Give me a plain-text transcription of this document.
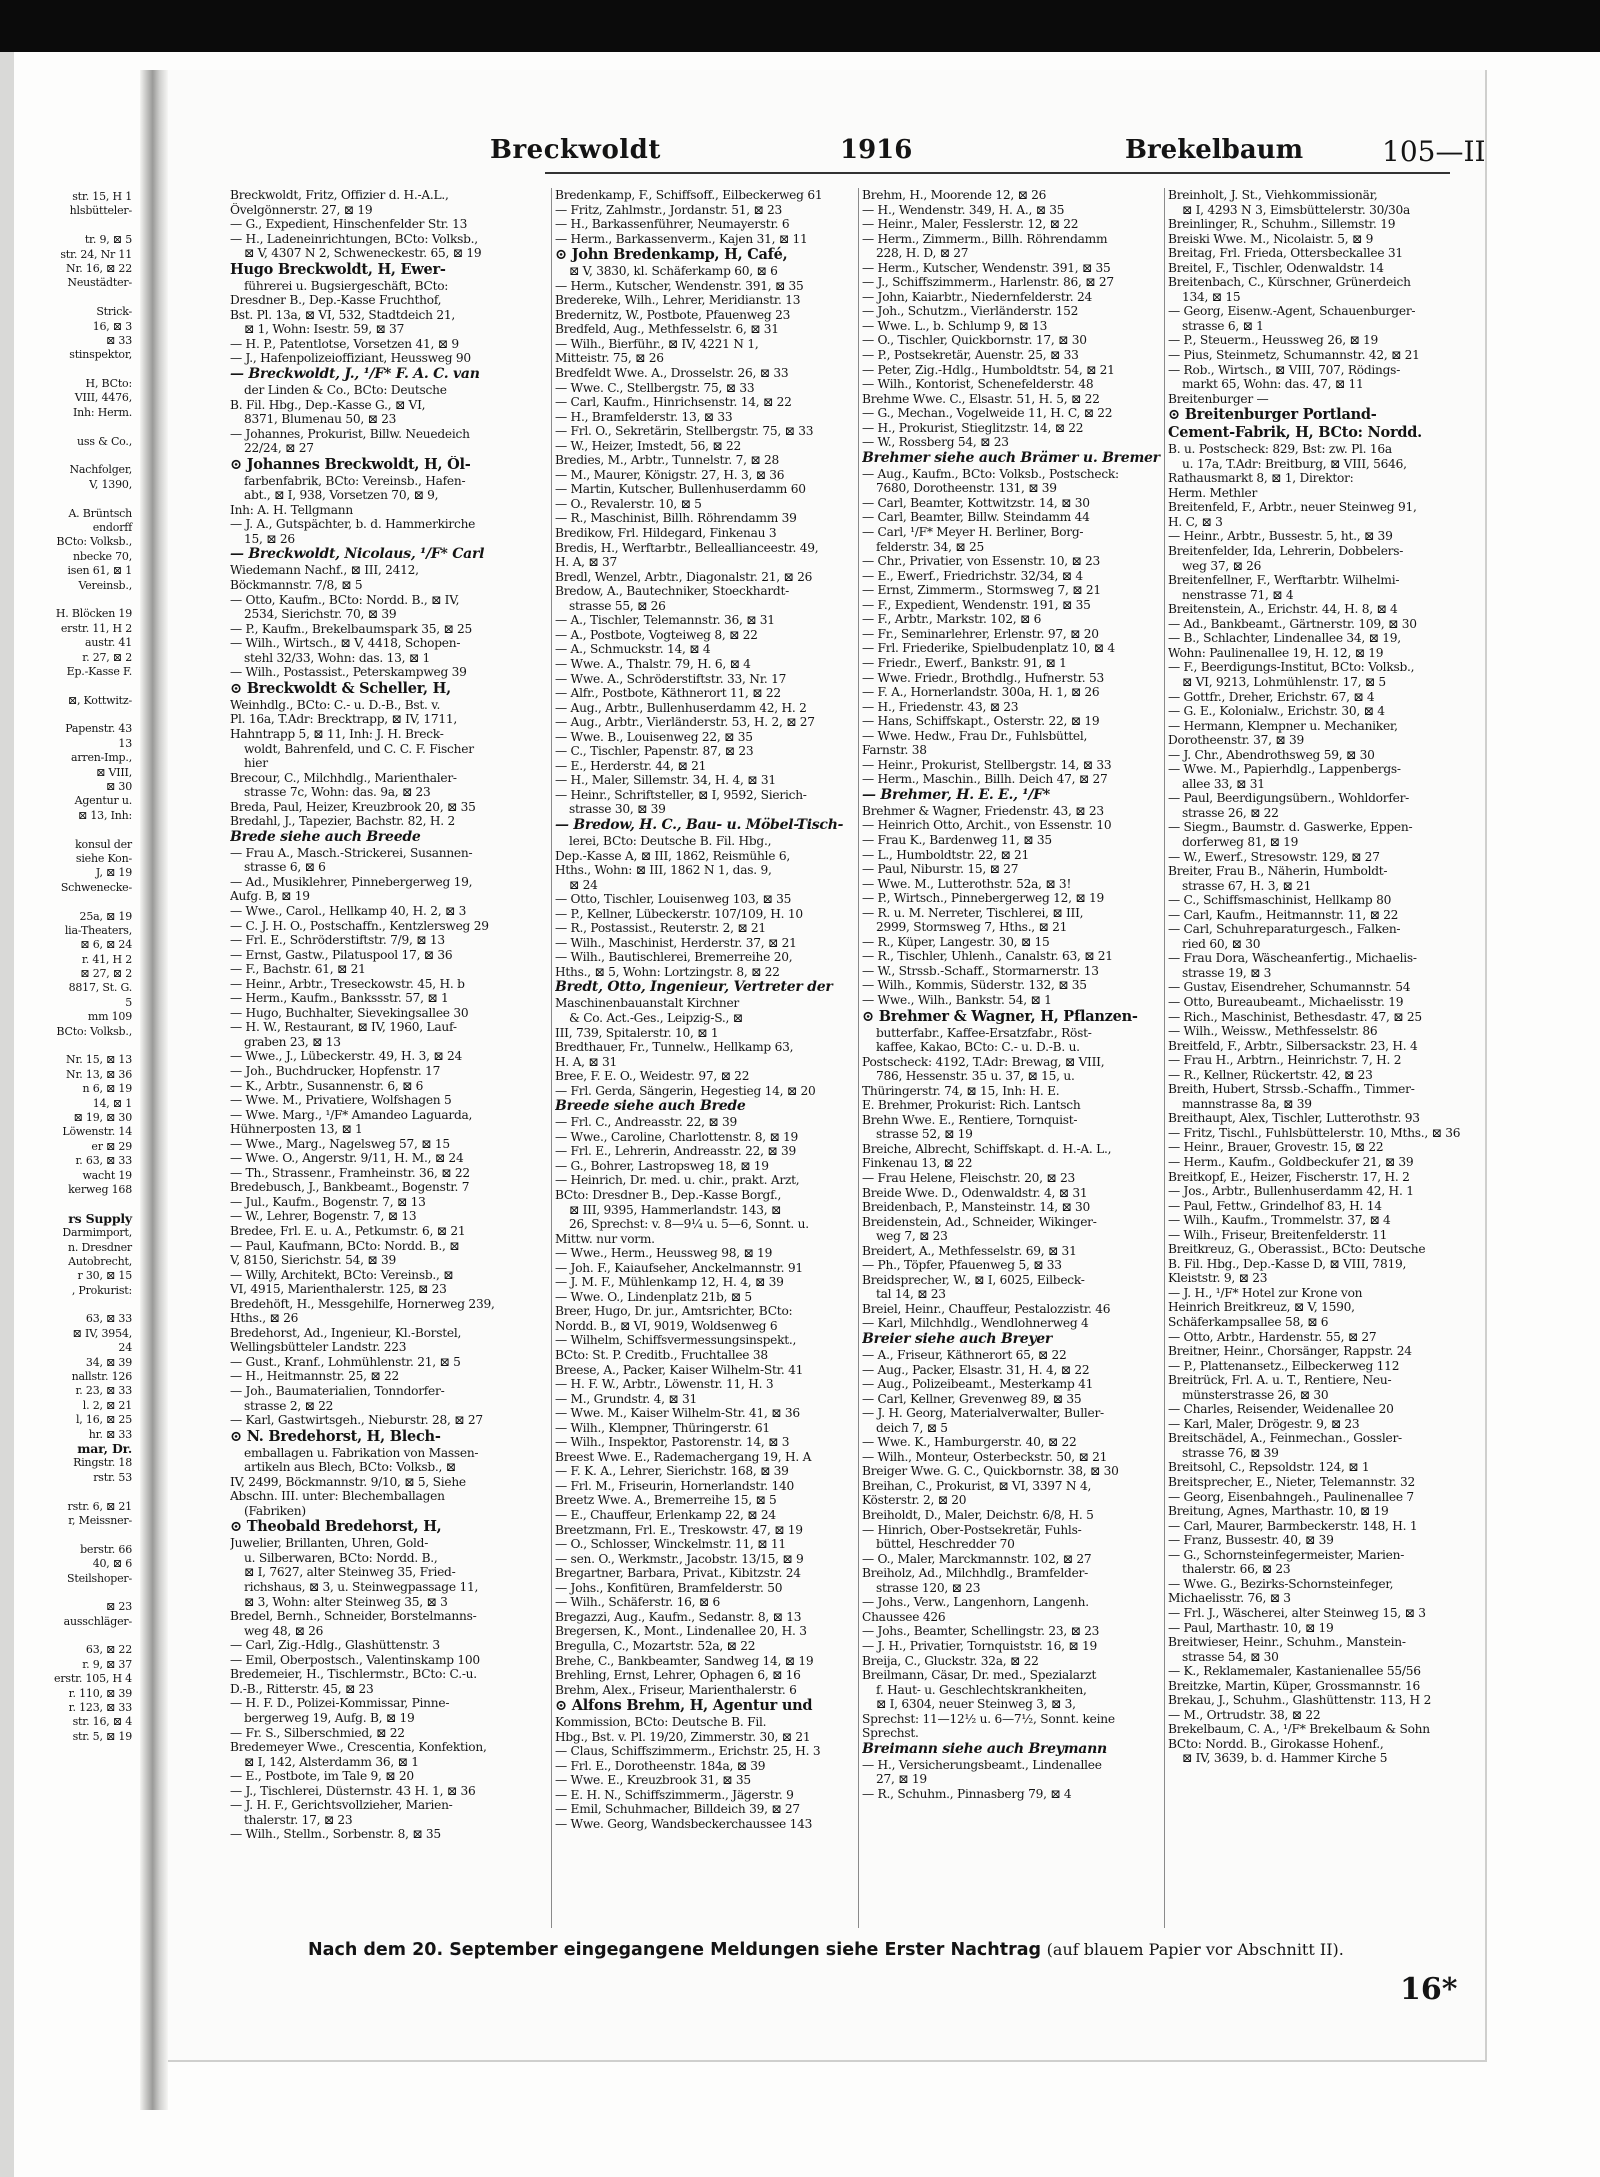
str. 15, H 1
hlsbütteler-
tr. 9, ⊠ 5
str. 24, Nr 11
Nr. 16, ⊠ 22
Neustädter-
Strick-
16, ⊠ 3
⊠ 33
stinspektor,
H, BCto:
VIII, 4476,
Inh: Herm.
uss & Co.,
Nachfolger,
V, 1390,
A. Brüntsch
endorff
BCto: Volksb.,
nbecke 70,
isen 61, ⊠ 1
Vereinsb.,
H. Blöcken 19
erstr. 11, H 2
austr. 41
r. 27, ⊠ 2
Ep.-Kasse F.
⊠, Kottwitz-
Papenstr. 43
13
arren-Imp.,
⊠ VIII,
⊠ 30
Agentur u.
⊠ 13, Inh:
konsul der
siehe Kon-
J, ⊠ 19
Schwenecke-
25a, ⊠ 19
lia-Theaters,
⊠ 6, ⊠ 24
r. 41, H 2
⊠ 27, ⊠ 2
8817, St. G.
5
mm 109
BCto: Volksb.,
Nr. 15, ⊠ 13
Nr. 13, ⊠ 36
n 6, ⊠ 19
14, ⊠ 1
⊠ 19, ⊠ 30
Löwenstr. 14
er ⊠ 29
r. 63, ⊠ 33
wacht 19
kerweg 168
rs Supply
Darmimport,
n. Dresdner
Autobrecht,
r 30, ⊠ 15
, Prokurist:
63, ⊠ 33
⊠ IV, 3954,
24
34, ⊠ 39
nallstr. 126
r. 23, ⊠ 33
l. 2, ⊠ 21
l, 16, ⊠ 25
hr. ⊠ 33
mar, Dr.
Ringstr. 18
rstr. 53
rstr. 6, ⊠ 21
r, Meissner-
berstr. 66
40, ⊠ 6
Steilshoper-
⊠ 23
ausschläger-
63, ⊠ 22
r. 9, ⊠ 37
erstr. 105, H 4
r. 110, ⊠ 39
r. 123, ⊠ 33
str. 16, ⊠ 4
str. 5, ⊠ 19
Breckwoldt	1916	Brekelbaum	105—II
Breckwoldt, Fritz, Offizier d. H.-A.L.,
Övelgönnerstr. 27, ⊠ 19
— G., Expedient, Hinschenfelder Str. 13
— H., Ladeneinrichtungen, BCto: Volksb.,
⊠ V, 4307 N 2, Schweneckestr. 65, ⊠ 19
Hugo Breckwoldt, H, Ewer-
führerei u. Bugsiergeschäft, BCto:
Dresdner B., Dep.-Kasse Fruchthof,
Bst. Pl. 13a, ⊠ VI, 532, Stadtdeich 21,
⊠ 1, Wohn: Isestr. 59, ⊠ 37
— H. P., Patentlotse, Vorsetzen 41, ⊠ 9
— J., Hafenpolizeioffiziant, Heussweg 90
— Breckwoldt, J., ¹/F* F. A. C. van
der Linden & Co., BCto: Deutsche
B. Fil. Hbg., Dep.-Kasse G., ⊠ VI,
8371, Blumenau 50, ⊠ 23
— Johannes, Prokurist, Billw. Neuedeich
22/24, ⊠ 27
⊙ Johannes Breckwoldt, H, Öl-
farbenfabrik, BCto: Vereinsb., Hafen-
abt., ⊠ I, 938, Vorsetzen 70, ⊠ 9,
Inh: A. H. Tellgmann
— J. A., Gutspächter, b. d. Hammerkirche
15, ⊠ 26
— Breckwoldt, Nicolaus, ¹/F* Carl
Wiedemann Nachf., ⊠ III, 2412,
Böckmannstr. 7/8, ⊠ 5
— Otto, Kaufm., BCto: Nordd. B., ⊠ IV,
2534, Sierichstr. 70, ⊠ 39
— P., Kaufm., Brekelbaumspark 35, ⊠ 25
— Wilh., Wirtsch., ⊠ V, 4418, Schopen-
stehl 32/33, Wohn: das. 13, ⊠ 1
— Wilh., Postassist., Peterskampweg 39
⊙ Breckwoldt & Scheller, H,
Weinhdlg., BCto: C.- u. D.-B., Bst. v.
Pl. 16a, T.Adr: Brecktrapp, ⊠ IV, 1711,
Hahntrapp 5, ⊠ 11, Inh: J. H. Breck-
woldt, Bahrenfeld, und C. C. F. Fischer
hier
Brecour, C., Milchhdlg., Marienthaler-
strasse 7c, Wohn: das. 9a, ⊠ 23
Breda, Paul, Heizer, Kreuzbrook 20, ⊠ 35
Bredahl, J., Tapezier, Bachstr. 82, H. 2
Brede siehe auch Breede
— Frau A., Masch.-Strickerei, Susannen-
strasse 6, ⊠ 6
— Ad., Musiklehrer, Pinnebergerweg 19,
Aufg. B, ⊠ 19
— Wwe., Carol., Hellkamp 40, H. 2, ⊠ 3
— C. J. H. O., Postschaffn., Kentzlersweg 29
— Frl. E., Schröderstiftstr. 7/9, ⊠ 13
— Ernst, Gastw., Pilatuspool 17, ⊠ 36
— F., Bachstr. 61, ⊠ 21
— Heinr., Arbtr., Treseckowstr. 45, H. b
— Herm., Kaufm., Bankssstr. 57, ⊠ 1
— Hugo, Buchhalter, Sievekingsallee 30
— H. W., Restaurant, ⊠ IV, 1960, Lauf-
graben 23, ⊠ 13
— Wwe., J., Lübeckerstr. 49, H. 3, ⊠ 24
— Joh., Buchdrucker, Hopfenstr. 17
— K., Arbtr., Susannenstr. 6, ⊠ 6
— Wwe. M., Privatiere, Wolfshagen 5
— Wwe. Marg., ¹/F* Amandeo Laguarda,
Hühnerposten 13, ⊠ 1
— Wwe., Marg., Nagelsweg 57, ⊠ 15
— Wwe. O., Angerstr. 9/11, H. M., ⊠ 24
— Th., Strassenr., Framheinstr. 36, ⊠ 22
Bredebusch, J., Bankbeamt., Bogenstr. 7
— Jul., Kaufm., Bogenstr. 7, ⊠ 13
— W., Lehrer, Bogenstr. 7, ⊠ 13
Bredee, Frl. E. u. A., Petkumstr. 6, ⊠ 21
— Paul, Kaufmann, BCto: Nordd. B., ⊠
V, 8150, Sierichstr. 54, ⊠ 39
— Willy, Architekt, BCto: Vereinsb., ⊠
VI, 4915, Marienthalerstr. 125, ⊠ 23
Bredehöft, H., Messgehilfe, Hornerweg 239,
Hths., ⊠ 26
Bredehorst, Ad., Ingenieur, Kl.-Borstel,
Wellingsbütteler Landstr. 223
— Gust., Kranf., Lohmühlenstr. 21, ⊠ 5
— H., Heitmannstr. 25, ⊠ 22
— Joh., Baumaterialien, Tonndorfer-
strasse 2, ⊠ 22
— Karl, Gastwirtsgeh., Nieburstr. 28, ⊠ 27
⊙ N. Bredehorst, H, Blech-
emballagen u. Fabrikation von Massen-
artikeln aus Blech, BCto: Volksb., ⊠
IV, 2499, Böckmannstr. 9/10, ⊠ 5, Siehe
Abschn. III. unter: Blechemballagen
(Fabriken)
⊙ Theobald Bredehorst, H,
Juwelier, Brillanten, Uhren, Gold-
u. Silberwaren, BCto: Nordd. B.,
⊠ I, 7627, alter Steinweg 35, Fried-
richshaus, ⊠ 3, u. Steinwegpassage 11,
⊠ 3, Wohn: alter Steinweg 35, ⊠ 3
Bredel, Bernh., Schneider, Borstelmanns-
weg 48, ⊠ 26
— Carl, Zig.-Hdlg., Glashüttenstr. 3
— Emil, Oberpostsch., Valentinskamp 100
Bredemeier, H., Tischlermstr., BCto: C.-u.
D.-B., Ritterstr. 45, ⊠ 23
— H. F. D., Polizei-Kommissar, Pinne-
bergerweg 19, Aufg. B, ⊠ 19
— Fr. S., Silberschmied, ⊠ 22
Bredemeyer Wwe., Crescentia, Konfektion,
⊠ I, 142, Alsterdamm 36, ⊠ 1
— E., Postbote, im Tale 9, ⊠ 20
— J., Tischlerei, Düsternstr. 43 H. 1, ⊠ 36
— J. H. F., Gerichtsvollzieher, Marien-
thalerstr. 17, ⊠ 23
— Wilh., Stellm., Sorbenstr. 8, ⊠ 35
Bredenkamp, F., Schiffsoff., Eilbeckerweg 61
— Fritz, Zahlmstr., Jordanstr. 51, ⊠ 23
— H., Barkassenführer, Neumayerstr. 6
— Herm., Barkassenverm., Kajen 31, ⊠ 11
⊙ John Bredenkamp, H, Café,
⊠ V, 3830, kl. Schäferkamp 60, ⊠ 6
— Herm., Kutscher, Wendenstr. 391, ⊠ 35
Bredereke, Wilh., Lehrer, Meridianstr. 13
Bredernitz, W., Postbote, Pfauenweg 23
Bredfeld, Aug., Methfesselstr. 6, ⊠ 31
— Wilh., Bierführ., ⊠ IV, 4221 N 1,
Mitteistr. 75, ⊠ 26
Bredfeldt Wwe. A., Drosselstr. 26, ⊠ 33
— Wwe. C., Stellbergstr. 75, ⊠ 33
— Carl, Kaufm., Hinrichsenstr. 14, ⊠ 22
— H., Bramfelderstr. 13, ⊠ 33
— Frl. O., Sekretärin, Stellbergstr. 75, ⊠ 33
— W., Heizer, Imstedt, 56, ⊠ 22
Bredies, M., Arbtr., Tunnelstr. 7, ⊠ 28
— M., Maurer, Königstr. 27, H. 3, ⊠ 36
— Martin, Kutscher, Bullenhuserdamm 60
— O., Revalerstr. 10, ⊠ 5
— R., Maschinist, Billh. Röhrendamm 39
Bredikow, Frl. Hildegard, Finkenau 3
Bredis, H., Werftarbtr., Belleallianceestr. 49,
H. A, ⊠ 37
Bredl, Wenzel, Arbtr., Diagonalstr. 21, ⊠ 26
Bredow, A., Bautechniker, Stoeckhardt-
strasse 55, ⊠ 26
— A., Tischler, Telemannstr. 36, ⊠ 31
— A., Postbote, Vogteiweg 8, ⊠ 22
— A., Schmuckstr. 14, ⊠ 4
— Wwe. A., Thalstr. 79, H. 6, ⊠ 4
— Wwe. A., Schröderstiftstr. 33, Nr. 17
— Alfr., Postbote, Käthnerort 11, ⊠ 22
— Aug., Arbtr., Bullenhuserdamm 42, H. 2
— Aug., Arbtr., Vierländerstr. 53, H. 2, ⊠ 27
— Wwe. B., Louisenweg 22, ⊠ 35
— C., Tischler, Papenstr. 87, ⊠ 23
— E., Herderstr. 44, ⊠ 21
— H., Maler, Sillemstr. 34, H. 4, ⊠ 31
— Heinr., Schriftsteller, ⊠ I, 9592, Sierich-
strasse 30, ⊠ 39
— Bredow, H. C., Bau- u. Möbel-Tisch-
lerei, BCto: Deutsche B. Fil. Hbg.,
Dep.-Kasse A, ⊠ III, 1862, Reismühle 6,
Hths., Wohn: ⊠ III, 1862 N 1, das. 9,
⊠ 24
— Otto, Tischler, Louisenweg 103, ⊠ 35
— P., Kellner, Lübeckerstr. 107/109, H. 10
— R., Postassist., Reuterstr. 2, ⊠ 21
— Wilh., Maschinist, Herderstr. 37, ⊠ 21
— Wilh., Bautischlerei, Bremerreihe 20,
Hths., ⊠ 5, Wohn: Lortzingstr. 8, ⊠ 22
Bredt, Otto, Ingenieur, Vertreter der
Maschinenbauanstalt Kirchner
& Co. Act.-Ges., Leipzig-S., ⊠
III, 739, Spitalerstr. 10, ⊠ 1
Bredthauer, Fr., Tunnelw., Hellkamp 63,
H. A, ⊠ 31
Bree, F. E. O., Weidestr. 97, ⊠ 22
— Frl. Gerda, Sängerin, Hegestieg 14, ⊠ 20
Breede siehe auch Brede
— Frl. C., Andreasstr. 22, ⊠ 39
— Wwe., Caroline, Charlottenstr. 8, ⊠ 19
— Frl. E., Lehrerin, Andreasstr. 22, ⊠ 39
— G., Bohrer, Lastropsweg 18, ⊠ 19
— Heinrich, Dr. med. u. chir., prakt. Arzt,
BCto: Dresdner B., Dep.-Kasse Borgf.,
⊠ III, 9395, Hammerlandstr. 143, ⊠
26, Sprechst: v. 8—9¼ u. 5—6, Sonnt. u.
Mittw. nur vorm.
— Wwe., Herm., Heussweg 98, ⊠ 19
— Joh. F., Kaiaufseher, Anckelmannstr. 91
— J. M. F., Mühlenkamp 12, H. 4, ⊠ 39
— Wwe. O., Lindenplatz 21b, ⊠ 5
Breer, Hugo, Dr. jur., Amtsrichter, BCto:
Nordd. B., ⊠ VI, 9019, Woldsenweg 6
— Wilhelm, Schiffsvermessungsinspekt.,
BCto: St. P. Creditb., Fruchtallee 38
Breese, A., Packer, Kaiser Wilhelm-Str. 41
— H. F. W., Arbtr., Löwenstr. 11, H. 3
— M., Grundstr. 4, ⊠ 31
— Wwe. M., Kaiser Wilhelm-Str. 41, ⊠ 36
— Wilh., Klempner, Thüringerstr. 61
— Wilh., Inspektor, Pastorenstr. 14, ⊠ 3
Breest Wwe. E., Rademachergang 19, H. A
— F. K. A., Lehrer, Sierichstr. 168, ⊠ 39
— Frl. M., Friseurin, Hornerlandstr. 140
Breetz Wwe. A., Bremerreihe 15, ⊠ 5
— E., Chauffeur, Erlenkamp 22, ⊠ 24
Breetzmann, Frl. E., Treskowstr. 47, ⊠ 19
— O., Schlosser, Winckelmstr. 11, ⊠ 11
— sen. O., Werkmstr., Jacobstr. 13/15, ⊠ 9
Bregartner, Barbara, Privat., Kibitzstr. 24
— Johs., Konfitüren, Bramfelderstr. 50
— Wilh., Schäferstr. 16, ⊠ 6
Bregazzi, Aug., Kaufm., Sedanstr. 8, ⊠ 13
Bregersen, K., Mont., Lindenallee 20, H. 3
Bregulla, C., Mozartstr. 52a, ⊠ 22
Brehe, C., Bankbeamter, Sandweg 14, ⊠ 19
Brehling, Ernst, Lehrer, Ophagen 6, ⊠ 16
Brehm, Alex., Friseur, Marienthalerstr. 6
⊙ Alfons Brehm, H, Agentur und
Kommission, BCto: Deutsche B. Fil.
Hbg., Bst. v. Pl. 19/20, Zimmerstr. 30, ⊠ 21
— Claus, Schiffszimmerm., Erichstr. 25, H. 3
— Frl. E., Dorotheenstr. 184a, ⊠ 39
— Wwe. E., Kreuzbrook 31, ⊠ 35
— E. H. N., Schiffszimmerm., Jägerstr. 9
— Emil, Schuhmacher, Billdeich 39, ⊠ 27
— Wwe. Georg, Wandsbeckerchaussee 143
Brehm, H., Moorende 12, ⊠ 26
— H., Wendenstr. 349, H. A., ⊠ 35
— Heinr., Maler, Fesslerstr. 12, ⊠ 22
— Herm., Zimmerm., Billh. Röhrendamm
228, H. D, ⊠ 27
— Herm., Kutscher, Wendenstr. 391, ⊠ 35
— J., Schiffszimmerm., Harlenstr. 86, ⊠ 27
— John, Kaiarbtr., Niedernfelderstr. 24
— Joh., Schutzm., Vierländerstr. 152
— Wwe. L., b. Schlump 9, ⊠ 13
— O., Tischler, Quickbornstr. 17, ⊠ 30
— P., Postsekretär, Auenstr. 25, ⊠ 33
— Peter, Zig.-Hdlg., Humboldtstr. 54, ⊠ 21
— Wilh., Kontorist, Schenefelderstr. 48
Brehme Wwe. C., Elsastr. 51, H. 5, ⊠ 22
— G., Mechan., Vogelweide 11, H. C, ⊠ 22
— H., Prokurist, Stieglitzstr. 14, ⊠ 22
— W., Rossberg 54, ⊠ 23
Brehmer siehe auch Brämer u. Bremer
— Aug., Kaufm., BCto: Volksb., Postscheck:
7680, Dorotheenstr. 131, ⊠ 39
— Carl, Beamter, Kottwitzstr. 14, ⊠ 30
— Carl, Beamter, Billw. Steindamm 44
— Carl, ¹/F* Meyer H. Berliner, Borg-
felderstr. 34, ⊠ 25
— Chr., Privatier, von Essenstr. 10, ⊠ 23
— E., Ewerf., Friedrichstr. 32/34, ⊠ 4
— Ernst, Zimmerm., Stormsweg 7, ⊠ 21
— F., Expedient, Wendenstr. 191, ⊠ 35
— F., Arbtr., Markstr. 102, ⊠ 6
— Fr., Seminarlehrer, Erlenstr. 97, ⊠ 20
— Frl. Friederike, Spielbudenplatz 10, ⊠ 4
— Friedr., Ewerf., Bankstr. 91, ⊠ 1
— Wwe. Friedr., Brothdlg., Hufnerstr. 53
— F. A., Hornerlandstr. 300a, H. 1, ⊠ 26
— H., Friedenstr. 43, ⊠ 23
— Hans, Schiffskapt., Osterstr. 22, ⊠ 19
— Wwe. Hedw., Frau Dr., Fuhlsbüttel,
Farnstr. 38
— Heinr., Prokurist, Stellbergstr. 14, ⊠ 33
— Herm., Maschin., Billh. Deich 47, ⊠ 27
— Brehmer, H. E. E., ¹/F*
Brehmer & Wagner, Friedenstr. 43, ⊠ 23
— Heinrich Otto, Archit., von Essenstr. 10
— Frau K., Bardenweg 11, ⊠ 35
— L., Humboldtstr. 22, ⊠ 21
— Paul, Niburstr. 15, ⊠ 27
— Wwe. M., Lutterothstr. 52a, ⊠ 3!
— P., Wirtsch., Pinnebergerweg 12, ⊠ 19
— R. u. M. Nerreter, Tischlerei, ⊠ III,
2999, Stormsweg 7, Hths., ⊠ 21
— R., Küper, Langestr. 30, ⊠ 15
— R., Tischler, Uhlenh., Canalstr. 63, ⊠ 21
— W., Strssb.-Schaff., Stormarnerstr. 13
— Wilh., Kommis, Süderstr. 132, ⊠ 35
— Wwe., Wilh., Bankstr. 54, ⊠ 1
⊙ Brehmer & Wagner, H, Pflanzen-
butterfabr., Kaffee-Ersatzfabr., Röst-
kaffee, Kakao, BCto: C.- u. D.-B. u.
Postscheck: 4192, T.Adr: Brewag, ⊠ VIII,
786, Hessenstr. 35 u. 37, ⊠ 15, u.
Thüringerstr. 74, ⊠ 15, Inh: H. E.
E. Brehmer, Prokurist: Rich. Lantsch
Brehn Wwe. E., Rentiere, Tornquist-
strasse 52, ⊠ 19
Breiche, Albrecht, Schiffskapt. d. H.-A. L.,
Finkenau 13, ⊠ 22
— Frau Helene, Fleischstr. 20, ⊠ 23
Breide Wwe. D., Odenwaldstr. 4, ⊠ 31
Breidenbach, P., Mansteinstr. 14, ⊠ 30
Breidenstein, Ad., Schneider, Wikinger-
weg 7, ⊠ 23
Breidert, A., Methfesselstr. 69, ⊠ 31
— Ph., Töpfer, Pfauenweg 5, ⊠ 33
Breidsprecher, W., ⊠ I, 6025, Eilbeck-
tal 14, ⊠ 23
Breiel, Heinr., Chauffeur, Pestalozzistr. 46
— Karl, Milchhdlg., Wendlohnerweg 4
Breier siehe auch Breyer
— A., Friseur, Käthnerort 65, ⊠ 22
— Aug., Packer, Elsastr. 31, H. 4, ⊠ 22
— Aug., Polizeibeamt., Mesterkamp 41
— Carl, Kellner, Grevenweg 89, ⊠ 35
— J. H. Georg, Materialverwalter, Buller-
deich 7, ⊠ 5
— Wwe. K., Hamburgerstr. 40, ⊠ 22
— Wilh., Monteur, Osterbeckstr. 50, ⊠ 21
Breiger Wwe. G. C., Quickbornstr. 38, ⊠ 30
Breihan, C., Prokurist, ⊠ VI, 3397 N 4,
Kösterstr. 2, ⊠ 20
Breiholdt, D., Maler, Deichstr. 6/8, H. 5
— Hinrich, Ober-Postsekretär, Fuhls-
büttel, Heschredder 70
— O., Maler, Marckmannstr. 102, ⊠ 27
Breiholz, Ad., Milchhdlg., Bramfelder-
strasse 120, ⊠ 23
— Johs., Verw., Langenhorn, Langenh.
Chaussee 426
— Johs., Beamter, Schellingstr. 23, ⊠ 23
— J. H., Privatier, Tornquiststr. 16, ⊠ 19
Breija, C., Gluckstr. 32a, ⊠ 22
Breilmann, Cäsar, Dr. med., Spezialarzt
f. Haut- u. Geschlechtskrankheiten,
⊠ I, 6304, neuer Steinweg 3, ⊠ 3,
Sprechst: 11—12½ u. 6—7½, Sonnt. keine
Sprechst.
Breimann siehe auch Breymann
— H., Versicherungsbeamt., Lindenallee
27, ⊠ 19
— R., Schuhm., Pinnasberg 79, ⊠ 4
Breinholt, J. St., Viehkommissionär,
⊠ I, 4293 N 3, Eimsbüttelerstr. 30/30a
Breinlinger, R., Schuhm., Sillemstr. 19
Breiski Wwe. M., Nicolaistr. 5, ⊠ 9
Breitag, Frl. Frieda, Ottersbeckallee 31
Breitel, F., Tischler, Odenwaldstr. 14
Breitenbach, C., Kürschner, Grünerdeich
134, ⊠ 15
— Georg, Eisenw.-Agent, Schauenburger-
strasse 6, ⊠ 1
— P., Steuerm., Heussweg 26, ⊠ 19
— Pius, Steinmetz, Schumannstr. 42, ⊠ 21
— Rob., Wirtsch., ⊠ VIII, 707, Rödings-
markt 65, Wohn: das. 47, ⊠ 11
Breitenburger —
⊙ Breitenburger Portland-
Cement-Fabrik, H, BCto: Nordd.
B. u. Postscheck: 829, Bst: zw. Pl. 16a
u. 17a, T.Adr: Breitburg, ⊠ VIII, 5646,
Rathausmarkt 8, ⊠ 1, Direktor:
Herm. Methler
Breitenfeld, F., Arbtr., neuer Steinweg 91,
H. C, ⊠ 3
— Heinr., Arbtr., Bussestr. 5, ht., ⊠ 39
Breitenfelder, Ida, Lehrerin, Dobbelers-
weg 37, ⊠ 26
Breitenfellner, F., Werftarbtr. Wilhelmi-
nenstrasse 71, ⊠ 4
Breitenstein, A., Erichstr. 44, H. 8, ⊠ 4
— Ad., Bankbeamt., Gärtnerstr. 109, ⊠ 30
— B., Schlachter, Lindenallee 34, ⊠ 19,
Wohn: Paulinenallee 19, H. 12, ⊠ 19
— F., Beerdigungs-Institut, BCto: Volksb.,
⊠ VI, 9213, Lohmühlenstr. 17, ⊠ 5
— Gottfr., Dreher, Erichstr. 67, ⊠ 4
— G. E., Kolonialw., Erichstr. 30, ⊠ 4
— Hermann, Klempner u. Mechaniker,
Dorotheenstr. 37, ⊠ 39
— J. Chr., Abendrothsweg 59, ⊠ 30
— Wwe. M., Papierhdlg., Lappenbergs-
allee 33, ⊠ 31
— Paul, Beerdigungsübern., Wohldorfer-
strasse 26, ⊠ 22
— Siegm., Baumstr. d. Gaswerke, Eppen-
dorferweg 81, ⊠ 19
— W., Ewerf., Stresowstr. 129, ⊠ 27
Breiter, Frau B., Näherin, Humboldt-
strasse 67, H. 3, ⊠ 21
— C., Schiffsmaschinist, Hellkamp 80
— Carl, Kaufm., Heitmannstr. 11, ⊠ 22
— Carl, Schuhreparaturgesch., Falken-
ried 60, ⊠ 30
— Frau Dora, Wäscheanfertig., Michaelis-
strasse 19, ⊠ 3
— Gustav, Eisendreher, Schumannstr. 54
— Otto, Bureaubeamt., Michaelisstr. 19
— Rich., Maschinist, Bethesdastr. 47, ⊠ 25
— Wilh., Weissw., Methfesselstr. 86
Breitfeld, F., Arbtr., Silbersackstr. 23, H. 4
— Frau H., Arbtrn., Heinrichstr. 7, H. 2
— R., Kellner, Rückertstr. 42, ⊠ 23
Breith, Hubert, Strssb.-Schaffn., Timmer-
mannstrasse 8a, ⊠ 39
Breithaupt, Alex, Tischler, Lutterothstr. 93
— Fritz, Tischl., Fuhlsbüttelerstr. 10, Mths., ⊠ 36
— Heinr., Brauer, Grovestr. 15, ⊠ 22
— Herm., Kaufm., Goldbeckufer 21, ⊠ 39
Breitkopf, E., Heizer, Fischerstr. 17, H. 2
— Jos., Arbtr., Bullenhuserdamm 42, H. 1
— Paul, Fettw., Grindelhof 83, H. 14
— Wilh., Kaufm., Trommelstr. 37, ⊠ 4
— Wilh., Friseur, Breitenfelderstr. 11
Breitkreuz, G., Oberassist., BCto: Deutsche
B. Fil. Hbg., Dep.-Kasse D, ⊠ VIII, 7819,
Kleiststr. 9, ⊠ 23
— J. H., ¹/F* Hotel zur Krone von
Heinrich Breitkreuz, ⊠ V, 1590,
Schäferkampsallee 58, ⊠ 6
— Otto, Arbtr., Hardenstr. 55, ⊠ 27
Breitner, Heinr., Chorsänger, Rappstr. 24
— P., Plattenansetz., Eilbeckerweg 112
Breitrück, Frl. A. u. T., Rentiere, Neu-
münsterstrasse 26, ⊠ 30
— Charles, Reisender, Weidenallee 20
— Karl, Maler, Drögestr. 9, ⊠ 23
Breitschädel, A., Feinmechan., Gossler-
strasse 76, ⊠ 39
Breitsohl, C., Repsoldstr. 124, ⊠ 1
Breitsprecher, E., Nieter, Telemannstr. 32
— Georg, Eisenbahngeh., Paulinenallee 7
Breitung, Agnes, Marthastr. 10, ⊠ 19
— Carl, Maurer, Barmbeckerstr. 148, H. 1
— Franz, Bussestr. 40, ⊠ 39
— G., Schornsteinfegermeister, Marien-
thalerstr. 66, ⊠ 23
— Wwe. G., Bezirks-Schornsteinfeger,
Michaelisstr. 76, ⊠ 3
— Frl. J., Wäscherei, alter Steinweg 15, ⊠ 3
— Paul, Marthastr. 10, ⊠ 19
Breitwieser, Heinr., Schuhm., Manstein-
strasse 54, ⊠ 30
— K., Reklamemaler, Kastanienallee 55/56
Breitzke, Martin, Küper, Grossmannstr. 16
Brekau, J., Schuhm., Glashüttenstr. 113, H 2
— M., Ortrudstr. 38, ⊠ 22
Brekelbaum, C. A., ¹/F* Brekelbaum & Sohn
BCto: Nordd. B., Girokasse Hohenf.,
⊠ IV, 3639, b. d. Hammer Kirche 5
Nach dem 20. September eingegangene Meldungen siehe Erster Nachtrag (auf blauem Papier vor Abschnitt II).
16*
